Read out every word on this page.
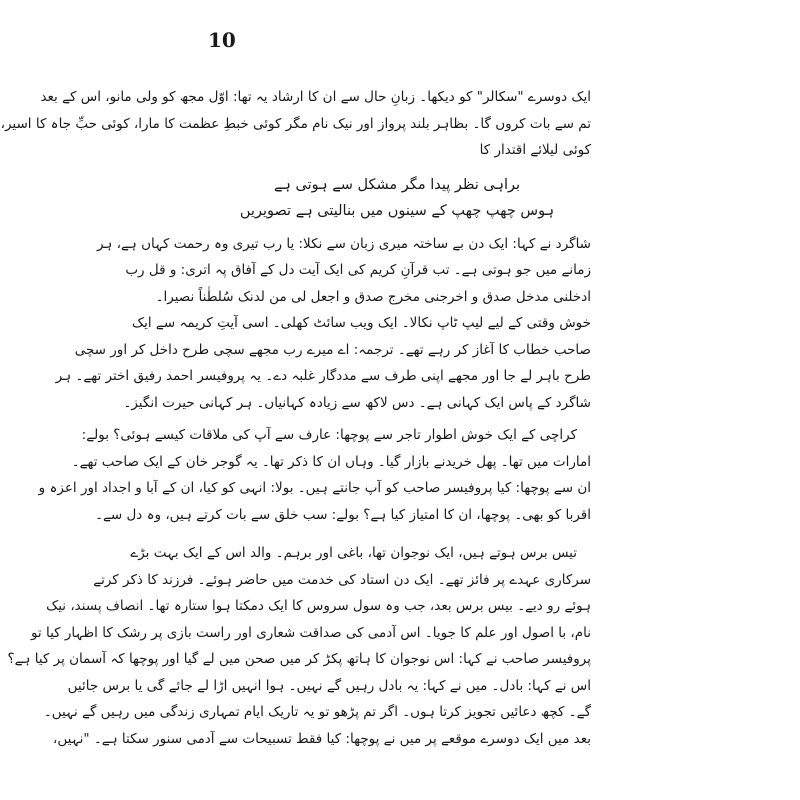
10
ایک دوسرے "سکالر" کو دیکھا۔ زبانِ حال سے ان کا ارشاد یہ تھا: اوّل مجھ کو ولی مانو، اس کے بعد
تم سے بات کروں گا۔ بظاہر بلند پرواز اور نیک نام مگر کوئی خبطِ عظمت کا مارا، کوئی حبِّ جاہ کا اسیر،
کوئی لیلائے اقتدار کا
براہی نظر پیدا مگر مشکل سے ہوتی ہے
ہوس چھپ چھپ کے سینوں میں بنالیتی ہے تصویریں
شاگرد نے کہا: ایک دن بے ساختہ میری زبان سے نکلا: یا رب تیری وہ رحمت کہاں ہے، ہر
زمانے میں جو ہوتی ہے۔ تب قرآنِ کریم کی ایک آیت دل کے آفاق پہ اتری: و قل رب
ادخلنی مدخل صدق و اخرجنی مخرج صدق و اجعل لی من لدنک سُلطٰناً نصیرا۔
خوش وقتی کے لیے لیپ ٹاپ نکالا۔ ایک ویب سائٹ کھلی۔ اسی آیتِ کریمہ سے ایک
صاحب خطاب کا آغاز کر رہے تھے۔ ترجمہ: اے میرے رب مجھے سچی طرح داخل کر اور سچی
طرح باہر لے جا اور مجھے اپنی طرف سے مددگار غلبہ دے۔ یہ پروفیسر احمد رفیق اختر تھے۔ ہر
شاگرد کے پاس ایک کہانی ہے۔ دس لاکھ سے زیادہ کہانیاں۔ ہر کہانی حیرت انگیز۔
کراچی کے ایک خوش اطوار تاجر سے پوچھا: عارف سے آپ کی ملاقات کیسے ہوئی؟ بولے:
امارات میں تھا۔ پھل خریدنے بازار گیا۔ وہاں ان کا ذکر تھا۔ یہ گوجر خان کے ایک صاحب تھے۔
ان سے پوچھا: کیا پروفیسر صاحب کو آپ جانتے ہیں۔ بولا: انہی کو کیا، ان کے آبا و اجداد اور اعزہ و
اقربا کو بھی۔ پوچھا، ان کا امتیاز کیا ہے؟ بولے: سب خلق سے بات کرتے ہیں، وہ دل سے۔
تیس برس ہوتے ہیں، ایک نوجوان تھا، باغی اور برہم۔ والد اس کے ایک بہت بڑے
سرکاری عہدے پر فائز تھے۔ ایک دن استاد کی خدمت میں حاضر ہوئے۔ فرزند کا ذکر کرتے
ہوئے رو دیے۔ بیس برس بعد، جب وہ سول سروس کا ایک دمکتا ہوا ستارہ تھا۔ انصاف پسند، نیک
نام، با اصول اور علم کا جویا۔ اس آدمی کی صداقت شعاری اور راست بازی پر رشک کا اظہار کیا تو
پروفیسر صاحب نے کہا: اس نوجوان کا ہاتھ پکڑ کر میں صحن میں لے گیا اور پوچھا کہ آسمان پر کیا ہے؟
اس نے کہا: بادل۔ میں نے کہا: یہ بادل رہیں گے نہیں۔ ہوا انہیں اڑا لے جائے گی یا برس جائیں
گے۔ کچھ دعائیں تجویز کرتا ہوں۔ اگر تم پڑھو تو یہ تاریک ایام تمہاری زندگی میں رہیں گے نہیں۔
بعد میں ایک دوسرے موقعے پر میں نے پوچھا: کیا فقط تسبیحات سے آدمی سنور سکتا ہے۔ "نہیں،
